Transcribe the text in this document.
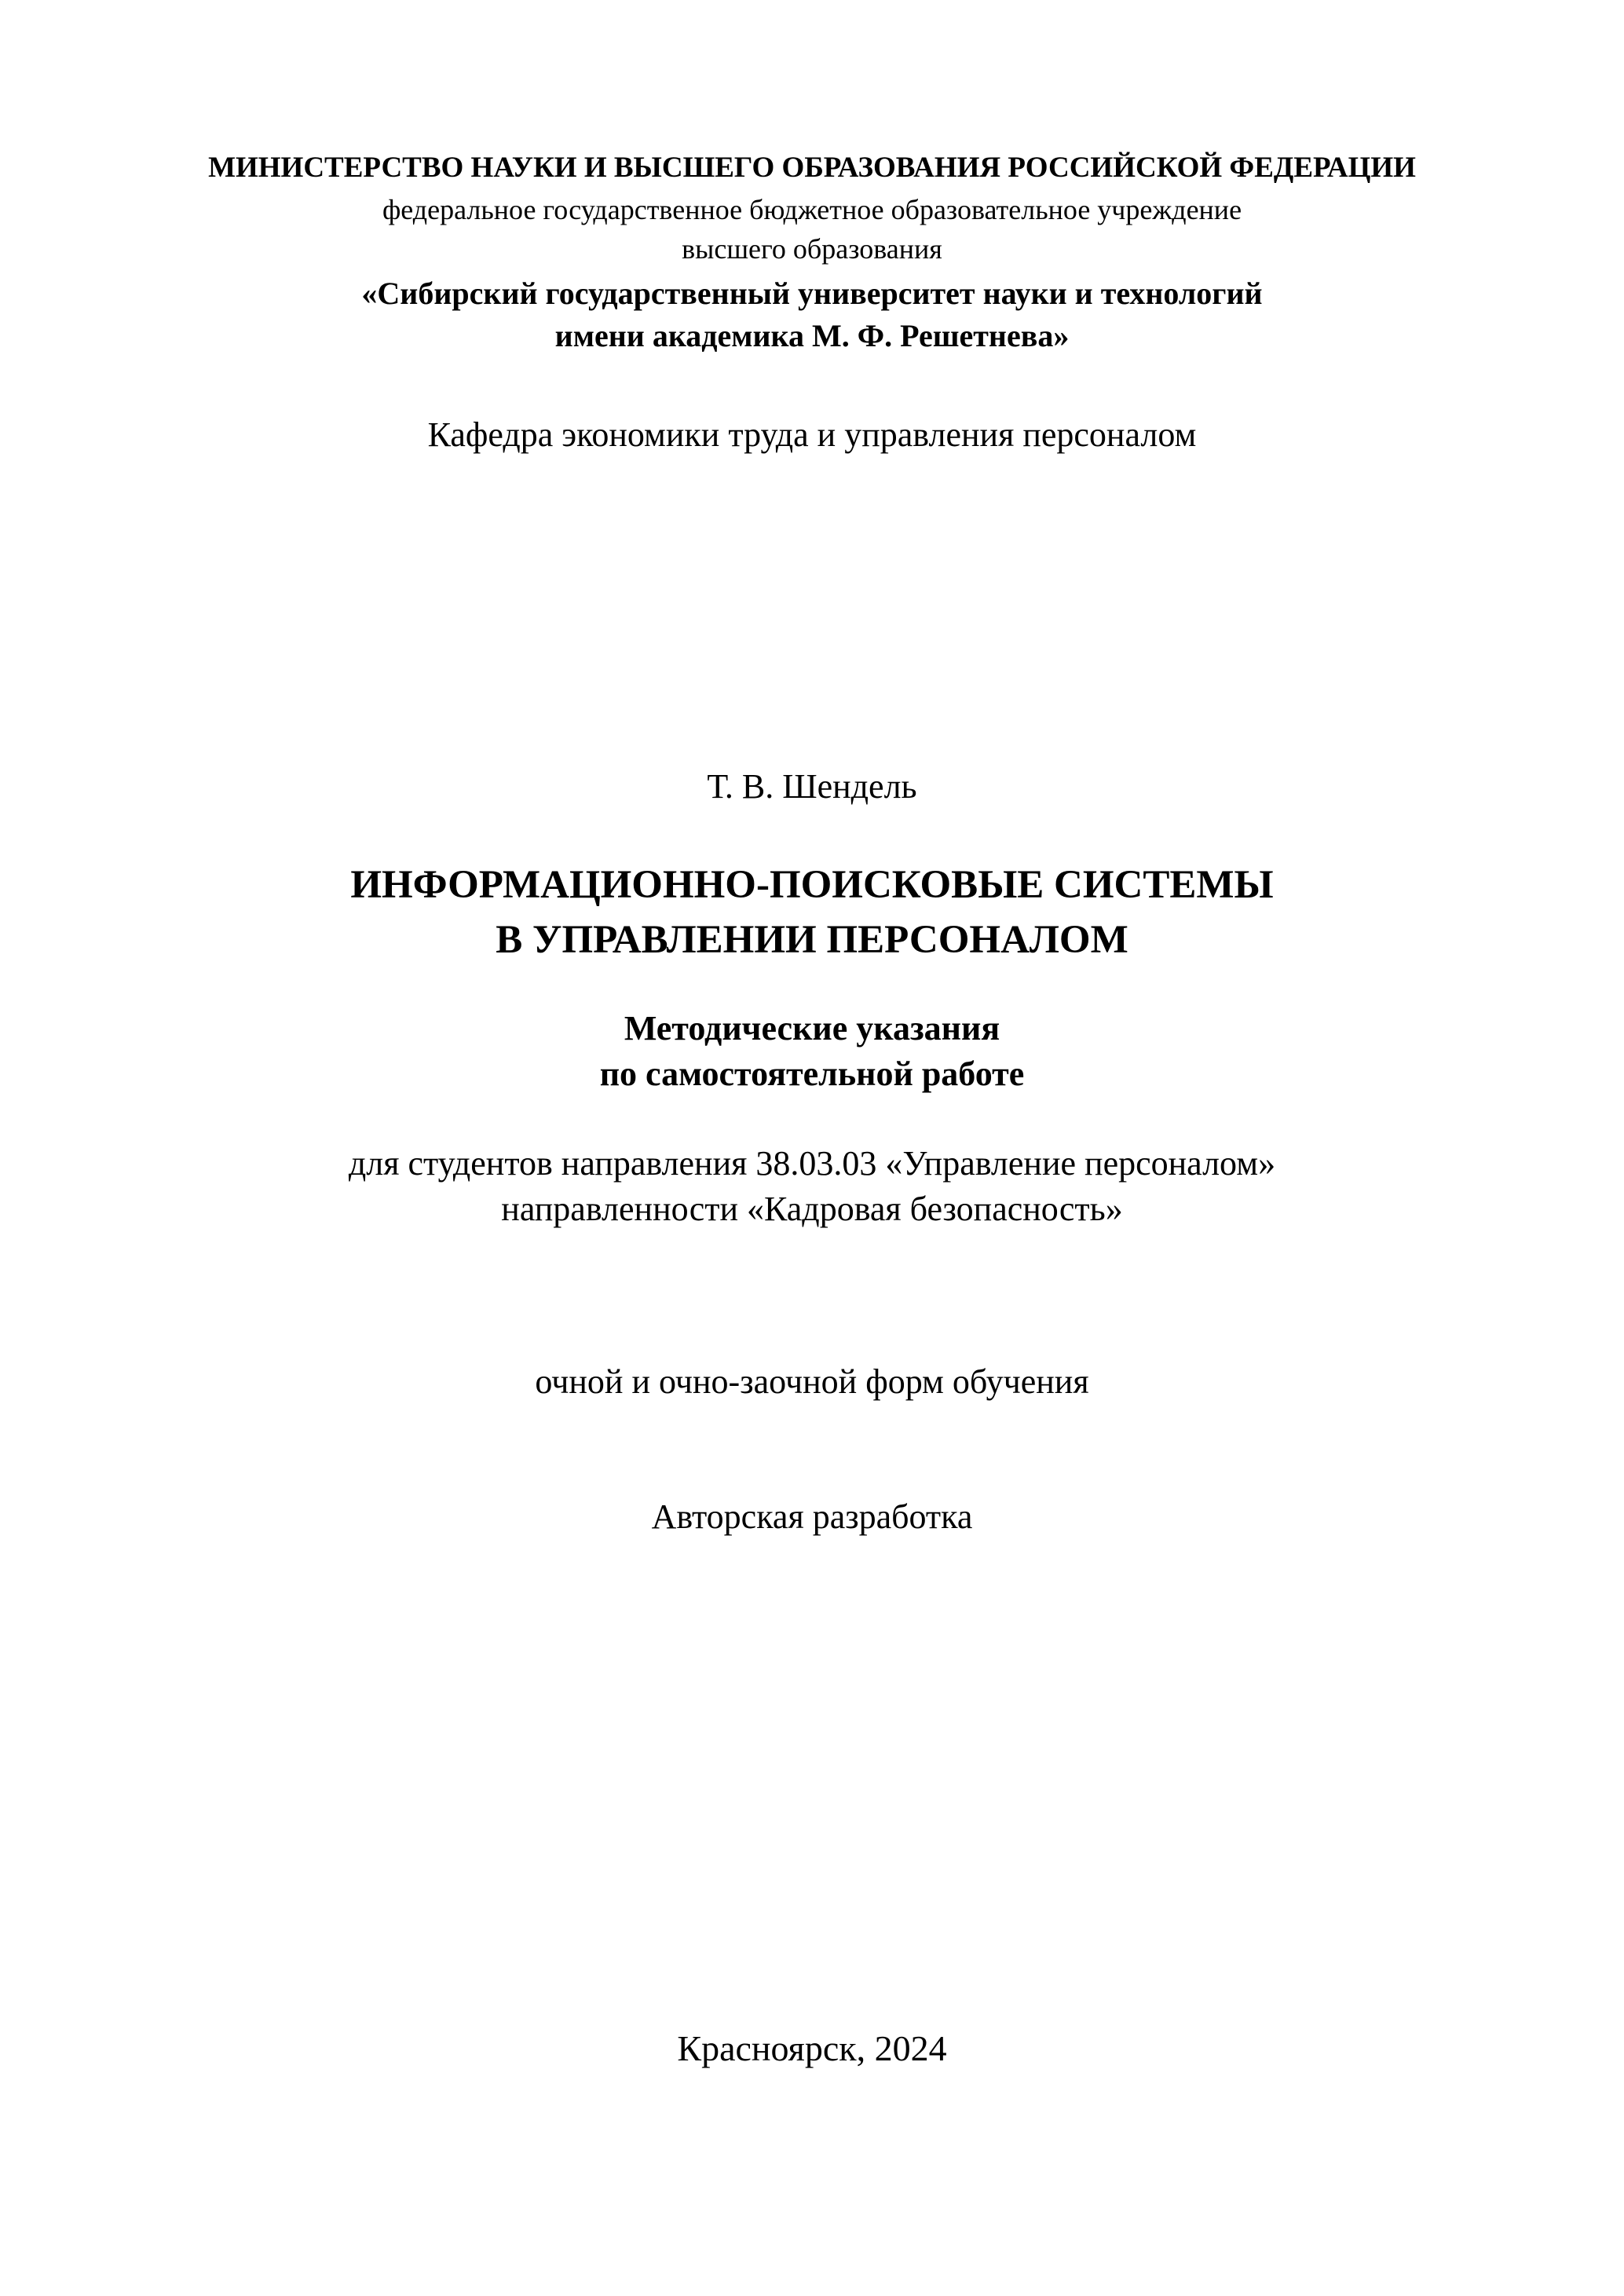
МИНИСТЕРСТВО НАУКИ И ВЫСШЕГО ОБРАЗОВАНИЯ РОССИЙСКОЙ ФЕДЕРАЦИИ
федеральное государственное бюджетное образовательное учреждение
высшего образования
«Сибирский государственный университет науки и технологий
имени академика М. Ф. Решетнева»
Кафедра экономики труда и управления персоналом
Т. В. Шендель
ИНФОРМАЦИОННО-ПОИСКОВЫЕ СИСТЕМЫ
В УПРАВЛЕНИИ ПЕРСОНАЛОМ
Методические указания
по самостоятельной работе
для студентов направления 38.03.03 «Управление персоналом»
направленности «Кадровая безопасность»
очной и очно-заочной форм обучения
Авторская разработка
Красноярск, 2024
